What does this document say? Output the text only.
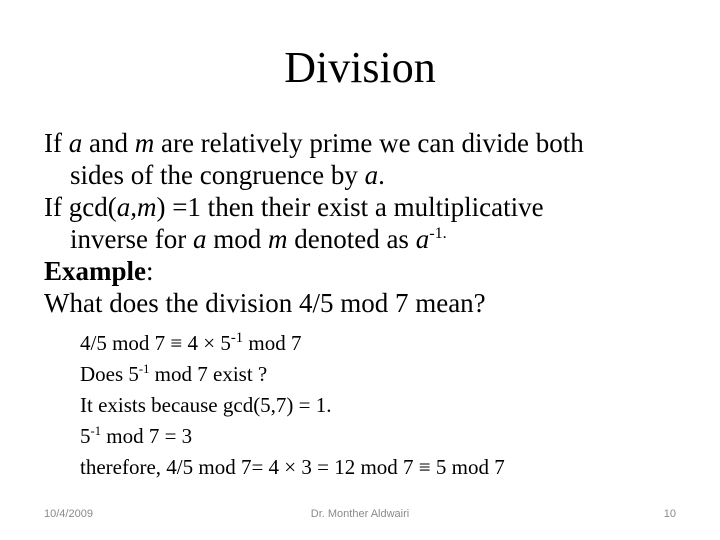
Division
If a and m are relatively prime we can divide both
sides of the congruence by a.
If gcd(a,m) =1 then their exist a multiplicative
inverse for a mod m denoted as $a^{-1.}$
Example:
What does the division 4/5 mod 7 mean?
4/5 mod $7 \equiv 4 \times 5^{-1}$ mod 7
Does $5^{-1}$ mod 7 exist ?
It exists because gcd(5,7) = 1.
$5^{-1}$ mod 7 = 3
therefore, 4/5 mod 7= 4 × 3 = 12 mod 7 ≡ 5 mod 7
10/4/2009	Dr. Monther Aldwairi	10
